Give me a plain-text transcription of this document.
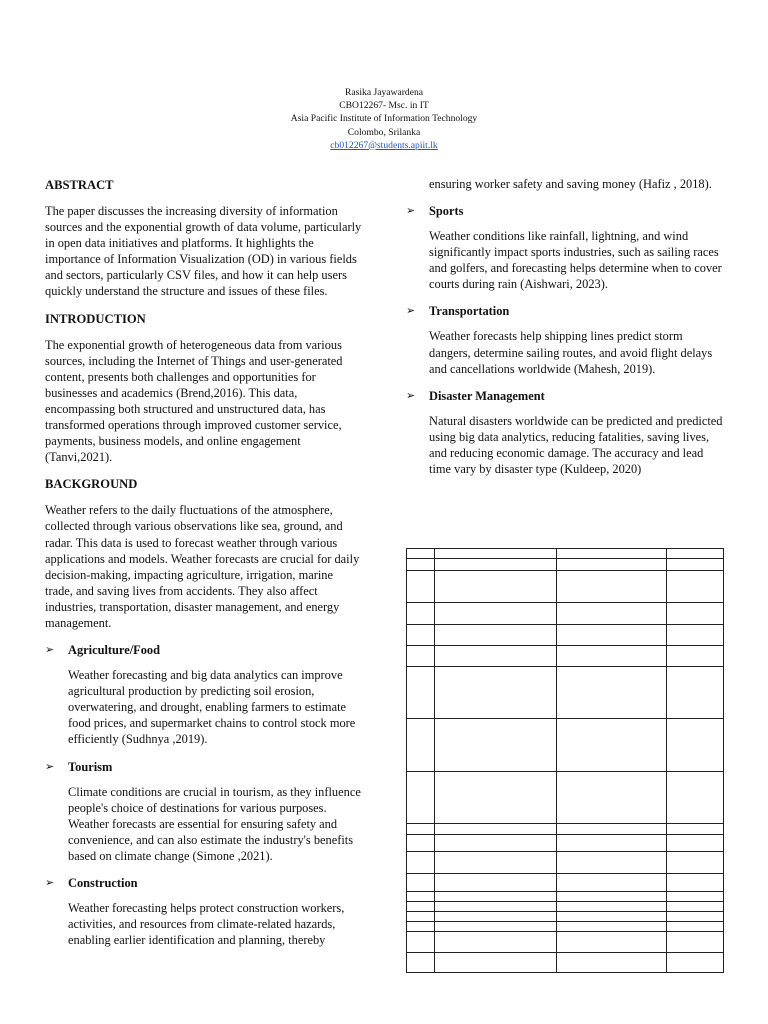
Rasika Jayawardena
CBO12267- Msc. in IT
Asia Pacific Institute of Information Technology
Colombo, Srilanka
cb012267@students.apiit.lk
ABSTRACT

The paper discusses the increasing diversity of information sources and the exponential growth of data volume, particularly in open data initiatives and platforms. It highlights the importance of Information Visualization (OD) in various fields and sectors, particularly CSV files, and how it can help users quickly understand the structure and issues of these files.

INTRODUCTION

The exponential growth of heterogeneous data from various sources, including the Internet of Things and user-generated content, presents both challenges and opportunities for businesses and academics (Brend,2016). This data, encompassing both structured and unstructured data, has transformed operations through improved customer service, payments, business models, and online engagement (Tanvi,2021).

BACKGROUND

Weather refers to the daily fluctuations of the atmosphere, collected through various observations like sea, ground, and radar. This data is used to forecast weather through various applications and models. Weather forecasts are crucial for daily decision-making, impacting agriculture, irrigation, marine trade, and saving lives from accidents. They also affect industries, transportation, disaster management, and energy management.

➢ Agriculture/Food

Weather forecasting and big data analytics can improve agricultural production by predicting soil erosion, overwatering, and drought, enabling farmers to estimate food prices, and supermarket chains to control stock more efficiently (Sudhnya ,2019).

➢ Tourism

Climate conditions are crucial in tourism, as they influence people's choice of destinations for various purposes. Weather forecasts are essential for ensuring safety and convenience, and can also estimate the industry's benefits based on climate change (Simone ,2021).

➢ Construction

Weather forecasting helps protect construction workers, activities, and resources from climate-related hazards, enabling earlier identification and planning, thereby

ensuring worker safety and saving money (Hafiz , 2018).

➢ Sports

Weather conditions like rainfall, lightning, and wind significantly impact sports industries, such as sailing races and golfers, and forecasting helps determine when to cover courts during rain (Aishwari, 2023).

➢ Transportation

Weather forecasts help shipping lines predict storm dangers, determine sailing routes, and avoid flight delays and cancellations worldwide (Mahesh, 2019).

➢ Disaster Management

Natural disasters worldwide can be predicted and predicted      using big data analytics, reducing fatalities, saving lives, and reducing economic damage. The accuracy and lead time vary by disaster type (Kuldeep, 2020)
